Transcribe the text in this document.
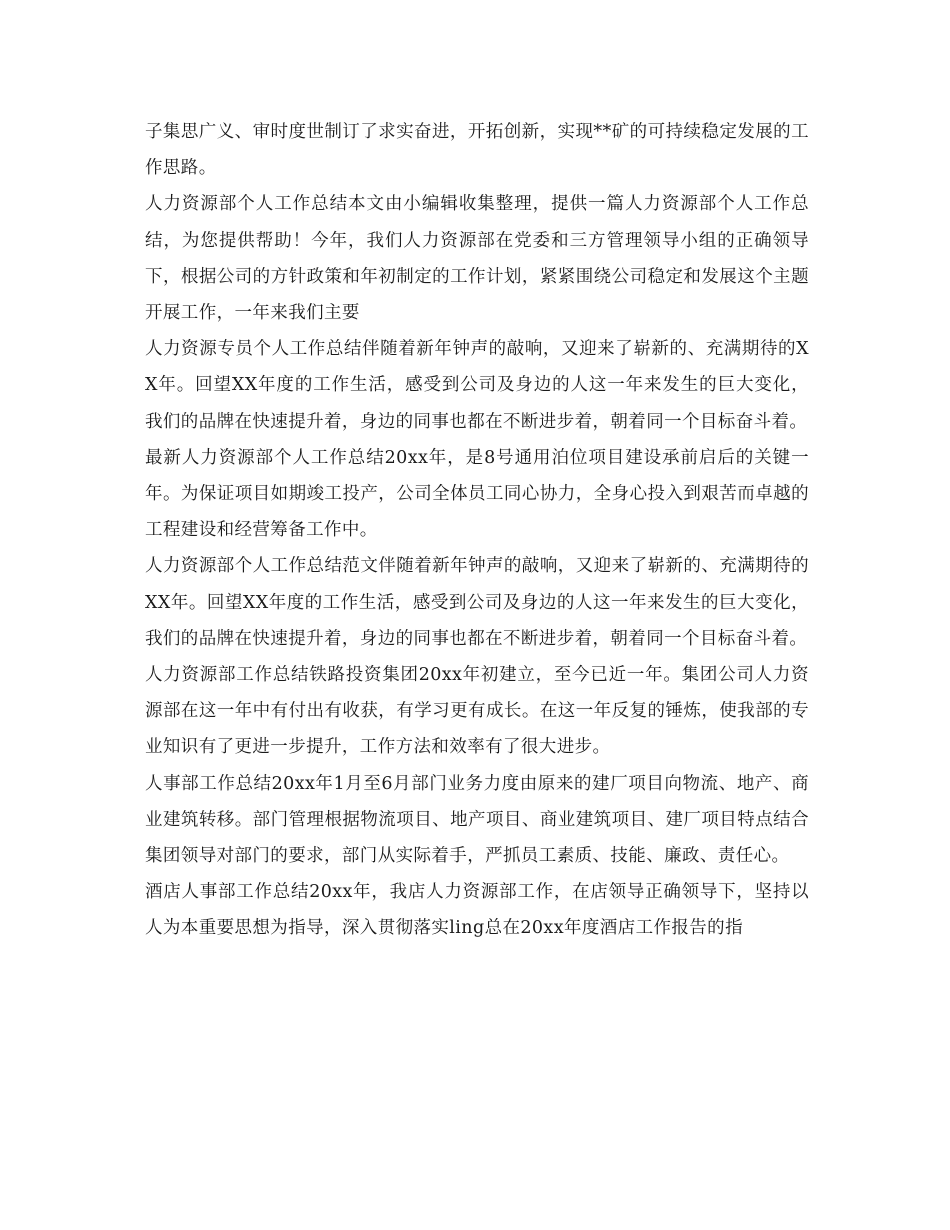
子集思广义、审时度世制订了求实奋进，开拓创新，实现**矿的可持续稳定发展的工作思路。

人力资源部个人工作总结本文由小编辑收集整理，提供一篇人力资源部个人工作总结，为您提供帮助！今年，我们人力资源部在党委和三方管理领导小组的正确领导下，根据公司的方针政策和年初制定的工作计划，紧紧围绕公司稳定和发展这个主题开展工作，一年来我们主要

人力资源专员个人工作总结伴随着新年钟声的敲响，又迎来了崭新的、充满期待的XX年。回望XX年度的工作生活，感受到公司及身边的人这一年来发生的巨大变化，我们的品牌在快速提升着，身边的同事也都在不断进步着，朝着同一个目标奋斗着。

最新人力资源部个人工作总结20xx年，是8号通用泊位项目建设承前启后的关键一年。为保证项目如期竣工投产，公司全体员工同心协力，全身心投入到艰苦而卓越的工程建设和经营筹备工作中。

人力资源部个人工作总结范文伴随着新年钟声的敲响，又迎来了崭新的、充满期待的XX年。回望XX年度的工作生活，感受到公司及身边的人这一年来发生的巨大变化，我们的品牌在快速提升着，身边的同事也都在不断进步着，朝着同一个目标奋斗着。

人力资源部工作总结铁路投资集团20xx年初建立，至今已近一年。集团公司人力资源部在这一年中有付出有收获，有学习更有成长。在这一年反复的锤炼，使我部的专业知识有了更进一步提升，工作方法和效率有了很大进步。

人事部工作总结20xx年1月至6月部门业务力度由原来的建厂项目向物流、地产、商业建筑转移。部门管理根据物流项目、地产项目、商业建筑项目、建厂项目特点结合集团领导对部门的要求，部门从实际着手，严抓员工素质、技能、廉政、责任心。

酒店人事部工作总结20xx年，我店人力资源部工作，在店领导正确领导下，坚持以人为本重要思想为指导，深入贯彻落实ling总在20xx年度酒店工作报告的指
